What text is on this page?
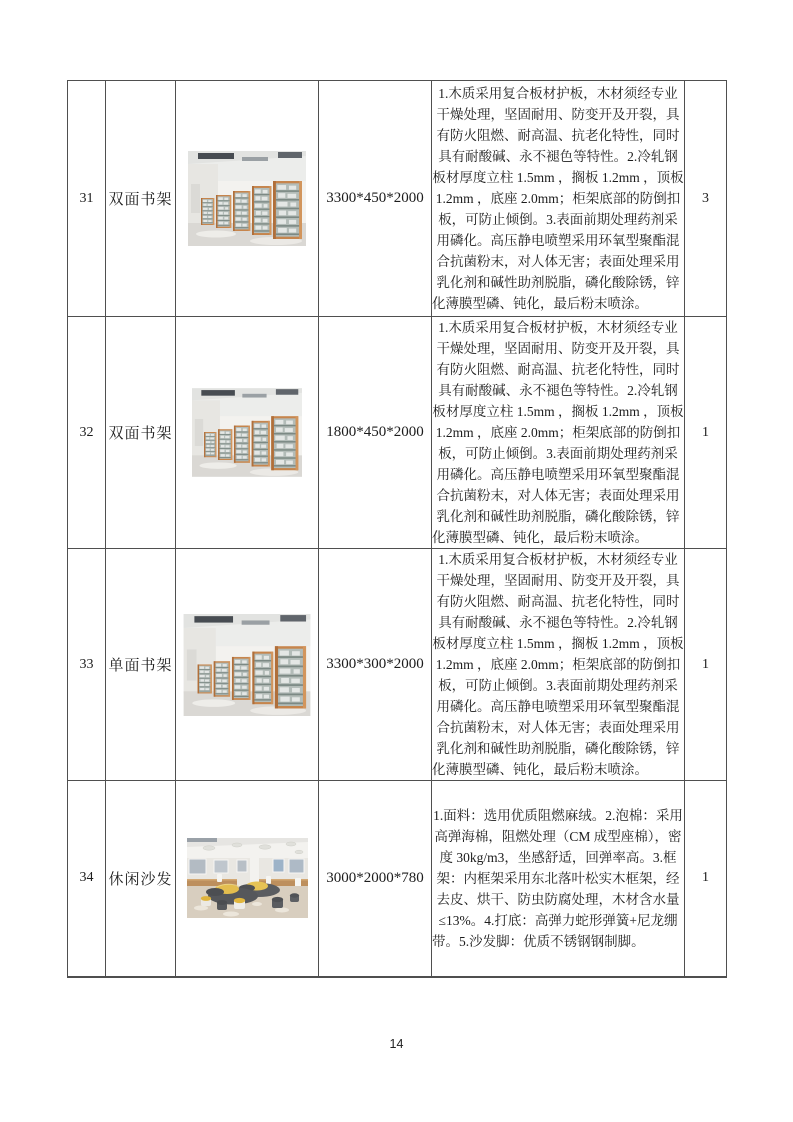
31	双面书架		3300*450*2000	1.木质采用复合板材护板，木材须经专业干燥处理，坚固耐用、防变开及开裂，具有防火阻燃、耐高温、抗老化特性，同时具有耐酸碱、永不褪色等特性。2.冷轧钢板材厚度立柱 1.5mm ，搁板 1.2mm ，顶板 1.2mm ，底座 2.0mm；柜架底部的防倒扣板，可防止倾倒。3.表面前期处理药剂采用磷化。高压静电喷塑采用环氧型聚酯混合抗菌粉末，对人体无害；表面处理采用乳化剂和碱性助剂脱脂，磷化酸除锈，锌化薄膜型磷、钝化，最后粉末喷涂。	3
32	双面书架		1800*450*2000	1.木质采用复合板材护板，木材须经专业干燥处理，坚固耐用、防变开及开裂，具有防火阻燃、耐高温、抗老化特性，同时具有耐酸碱、永不褪色等特性。2.冷轧钢板材厚度立柱 1.5mm ，搁板 1.2mm ，顶板 1.2mm ，底座 2.0mm；柜架底部的防倒扣板，可防止倾倒。3.表面前期处理药剂采用磷化。高压静电喷塑采用环氧型聚酯混合抗菌粉末，对人体无害；表面处理采用乳化剂和碱性助剂脱脂，磷化酸除锈，锌化薄膜型磷、钝化，最后粉末喷涂。	1
33	单面书架		3300*300*2000	1.木质采用复合板材护板，木材须经专业干燥处理，坚固耐用、防变开及开裂，具有防火阻燃、耐高温、抗老化特性，同时具有耐酸碱、永不褪色等特性。2.冷轧钢板材厚度立柱 1.5mm ，搁板 1.2mm ，顶板 1.2mm ，底座 2.0mm；柜架底部的防倒扣板，可防止倾倒。3.表面前期处理药剂采用磷化。高压静电喷塑采用环氧型聚酯混合抗菌粉末，对人体无害；表面处理采用乳化剂和碱性助剂脱脂，磷化酸除锈，锌化薄膜型磷、钝化，最后粉末喷涂。	1
34	休闲沙发		3000*2000*780	1.面料：选用优质阻燃麻绒。2.泡棉：采用高弹海棉，阻燃处理（CM 成型座棉），密度 30kg/m3，坐感舒适，回弹率高。3.框架：内框架采用东北落叶松实木框架，经去皮、烘干、防虫防腐处理，木材含水量≤13%。4.打底：高弹力蛇形弹簧+尼龙绷带。5.沙发脚：优质不锈钢钢制脚。	1
14
